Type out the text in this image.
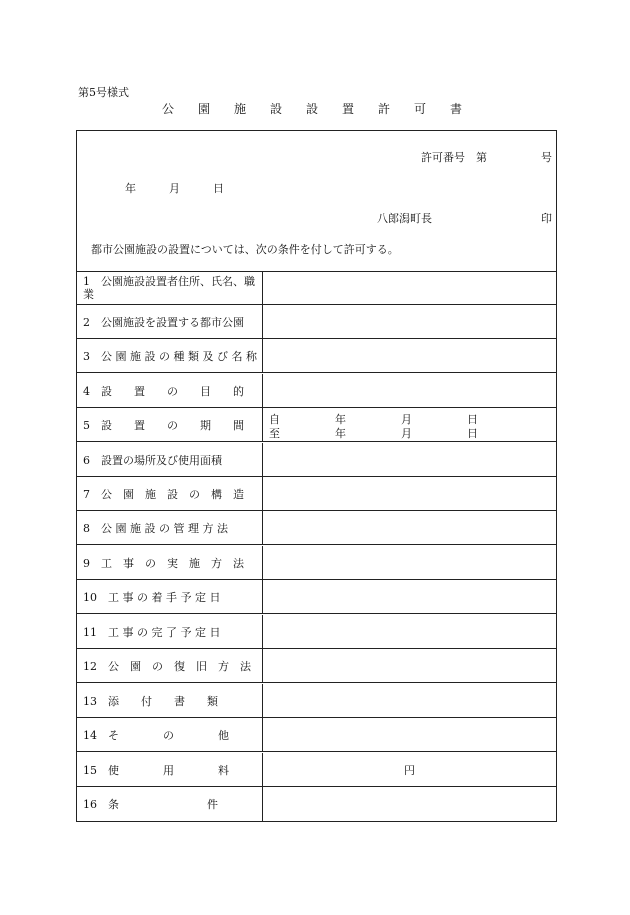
第5号様式
公　園　施　設　設　置　許　可　書
許可番号　第	号
年　　　月　　　日
八郎潟町長	印
都市公園施設の設置については、次の条件を付して許可する。
1　公園施設設置者住所、氏名、職
業
2　公園施設を設置する都市公園
3　公 園 施 設 の 種 類 及 び 名 称
4　設　　置　　の　　目　　的
5　設　　置　　の　　期　　間	自　　　　　年　　　　　月　　　　　日
至　　　　　年　　　　　月　　　　　日
6　設置の場所及び使用面積
7　公　園　施　設　の　構　造
8　公 園 施 設 の 管 理 方 法
9　工　事　の　実　施　方　法
10　工 事 の 着 手 予 定 日
11　工 事 の 完 了 予 定 日
12　公　園　の　復　旧　方　法
13　添　　付　　書　　類
14　そ　　　　の　　　　他
15　使　　　　用　　　　料	円
16　条　　　　　　　　件
